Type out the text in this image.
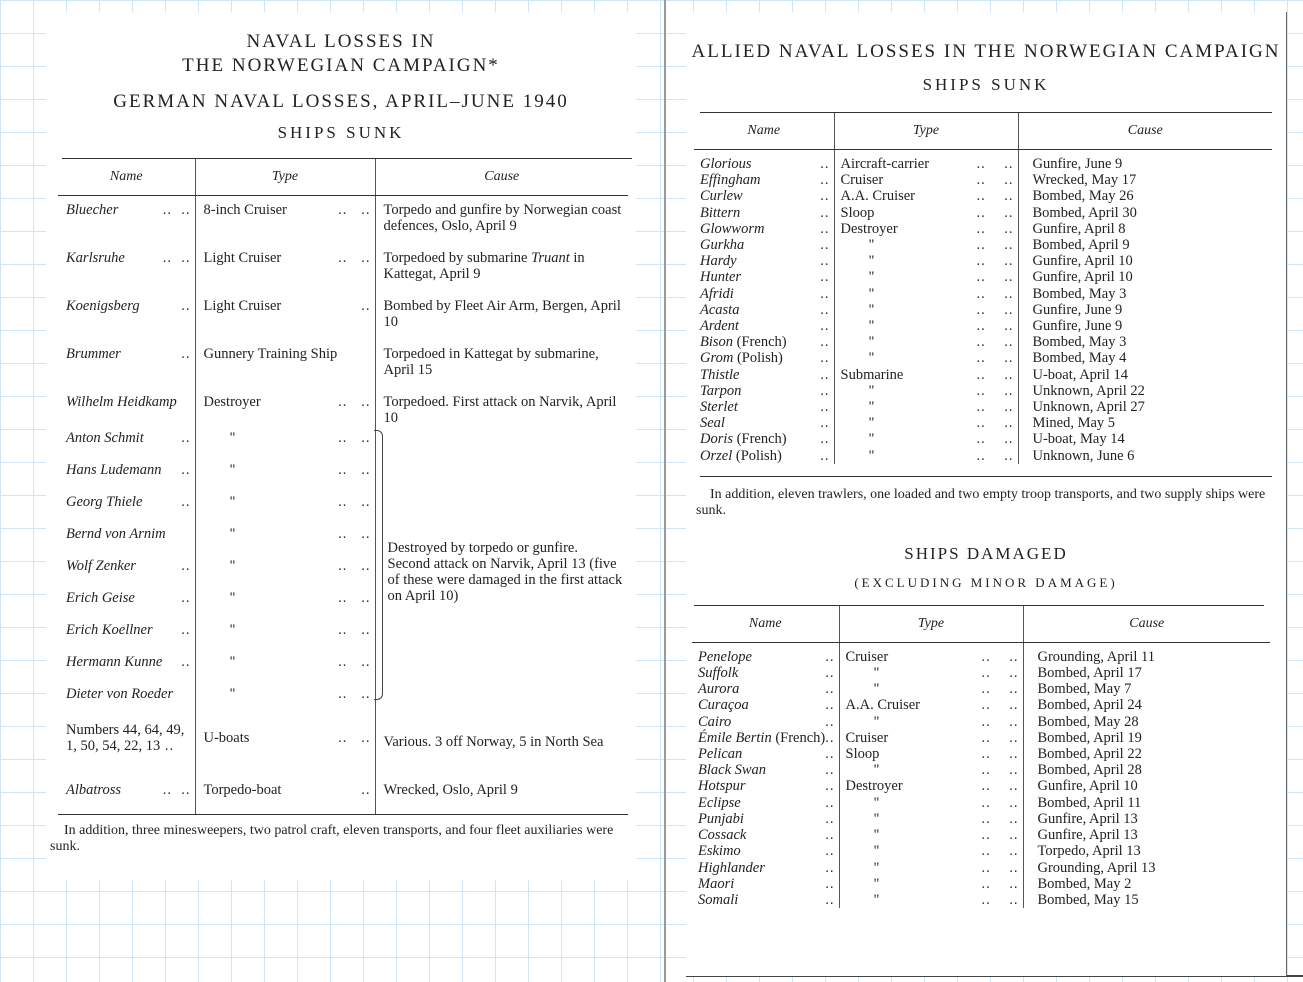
NAVAL LOSSES IN
THE NORWEGIAN CAMPAIGN*
GERMAN NAVAL LOSSES, APRIL–JUNE 1940
SHIPS SUNK
Name	Type	Cause

Bluecher ..  ..	8-inch Cruiser ..   ..	Torpedo and gunfire by Norwegian coast defences, Oslo, April 9

Karlsruhe ..  ..	Light Cruiser ..   ..	Torpedoed by submarine Truant in Kattegat, April 9

Koenigsberg ..	Light Cruiser ..	Bombed by Fleet Air Arm, Bergen, April 10

Brummer ..	Gunnery Training Ship	Torpedoed in Kattegat by submarine, April 15
Wilhelm Heidkamp	Destroyer ..   ..	Torpedoed. First attack on Narvik, April 10

Anton Schmit ..	" ..   ..	Destroyed by torpedo or gunfire. Second attack on Narvik, April 13 (five of these were damaged in the first attack on April 10)

Hans Ludemann ..	" ..   ..	

Georg Thiele ..	" ..   ..	

Bernd von Arnim	" ..   ..	

Wolf Zenker ..	" ..   ..	

Erich Geise ..	" ..   ..	

Erich Koellner ..	" ..   ..	

Hermann Kunne ..	" ..   ..	

Dieter von Roeder	" ..   ..	

Numbers 44, 64, 49, 1, 50, 54, 22, 13 ..	U-boats ..   ..	Various. 3 off Norway, 5 in North Sea

Albatross ..  ..	Torpedo-boat ..	Wrecked, Oslo, April 9

In addition, three minesweepers, two patrol craft, eleven transports, and four fleet auxiliaries were sunk.

ALLIED NAVAL LOSSES IN THE NORWEGIAN CAMPAIGN
SHIPS SUNK
Name	Type	Cause

Glorious ..	Aircraft-carrier ..    ..	Gunfire, June 9

Effingham ..	Cruiser ..    ..	Wrecked, May 17

Curlew ..	A.A. Cruiser ..    ..	Bombed, May 26

Bittern ..	Sloop ..    ..	Bombed, April 30

Glowworm ..	Destroyer ..    ..	Gunfire, April 8

Gurkha ..	" ..    ..	Bombed, April 9

Hardy ..	" ..    ..	Gunfire, April 10

Hunter ..	" ..    ..	Gunfire, April 10

Afridi ..	" ..    ..	Bombed, May 3

Acasta ..	" ..    ..	Gunfire, June 9

Ardent ..	" ..    ..	Gunfire, June 9

Bison (French) ..	" ..    ..	Bombed, May 3

Grom (Polish) ..	" ..    ..	Bombed, May 4

Thistle ..	Submarine ..    ..	U-boat, April 14

Tarpon ..	" ..    ..	Unknown, April 22

Sterlet ..	" ..    ..	Unknown, April 27

Seal ..	" ..    ..	Mined, May 5

Doris (French) ..	" ..    ..	U-boat, May 14

Orzel (Polish) ..	" ..    ..	Unknown, June 6

In addition, eleven trawlers, one loaded and two empty troop transports, and two supply ships were sunk.

SHIPS DAMAGED
(EXCLUDING MINOR DAMAGE)
Name	Type	Cause

Penelope ..	Cruiser ..    ..	Grounding, April 11

Suffolk ..	" ..    ..	Bombed, April 17

Aurora ..	" ..    ..	Bombed, May 7

Curaçoa ..	A.A. Cruiser ..    ..	Bombed, April 24

Cairo ..	" ..    ..	Bombed, May 28

Émile Bertin (French) ..	Cruiser ..    ..	Bombed, April 19

Pelican ..	Sloop ..    ..	Bombed, April 22

Black Swan ..	" ..    ..	Bombed, April 28

Hotspur ..	Destroyer ..    ..	Gunfire, April 10

Eclipse ..	" ..    ..	Bombed, April 11

Punjabi ..	" ..    ..	Gunfire, April 13

Cossack ..	" ..    ..	Gunfire, April 13

Eskimo ..	" ..    ..	Torpedo, April 13

Highlander ..	" ..    ..	Grounding, April 13

Maori ..	" ..    ..	Bombed, May 2

Somali ..	" ..    ..	Bombed, May 15
